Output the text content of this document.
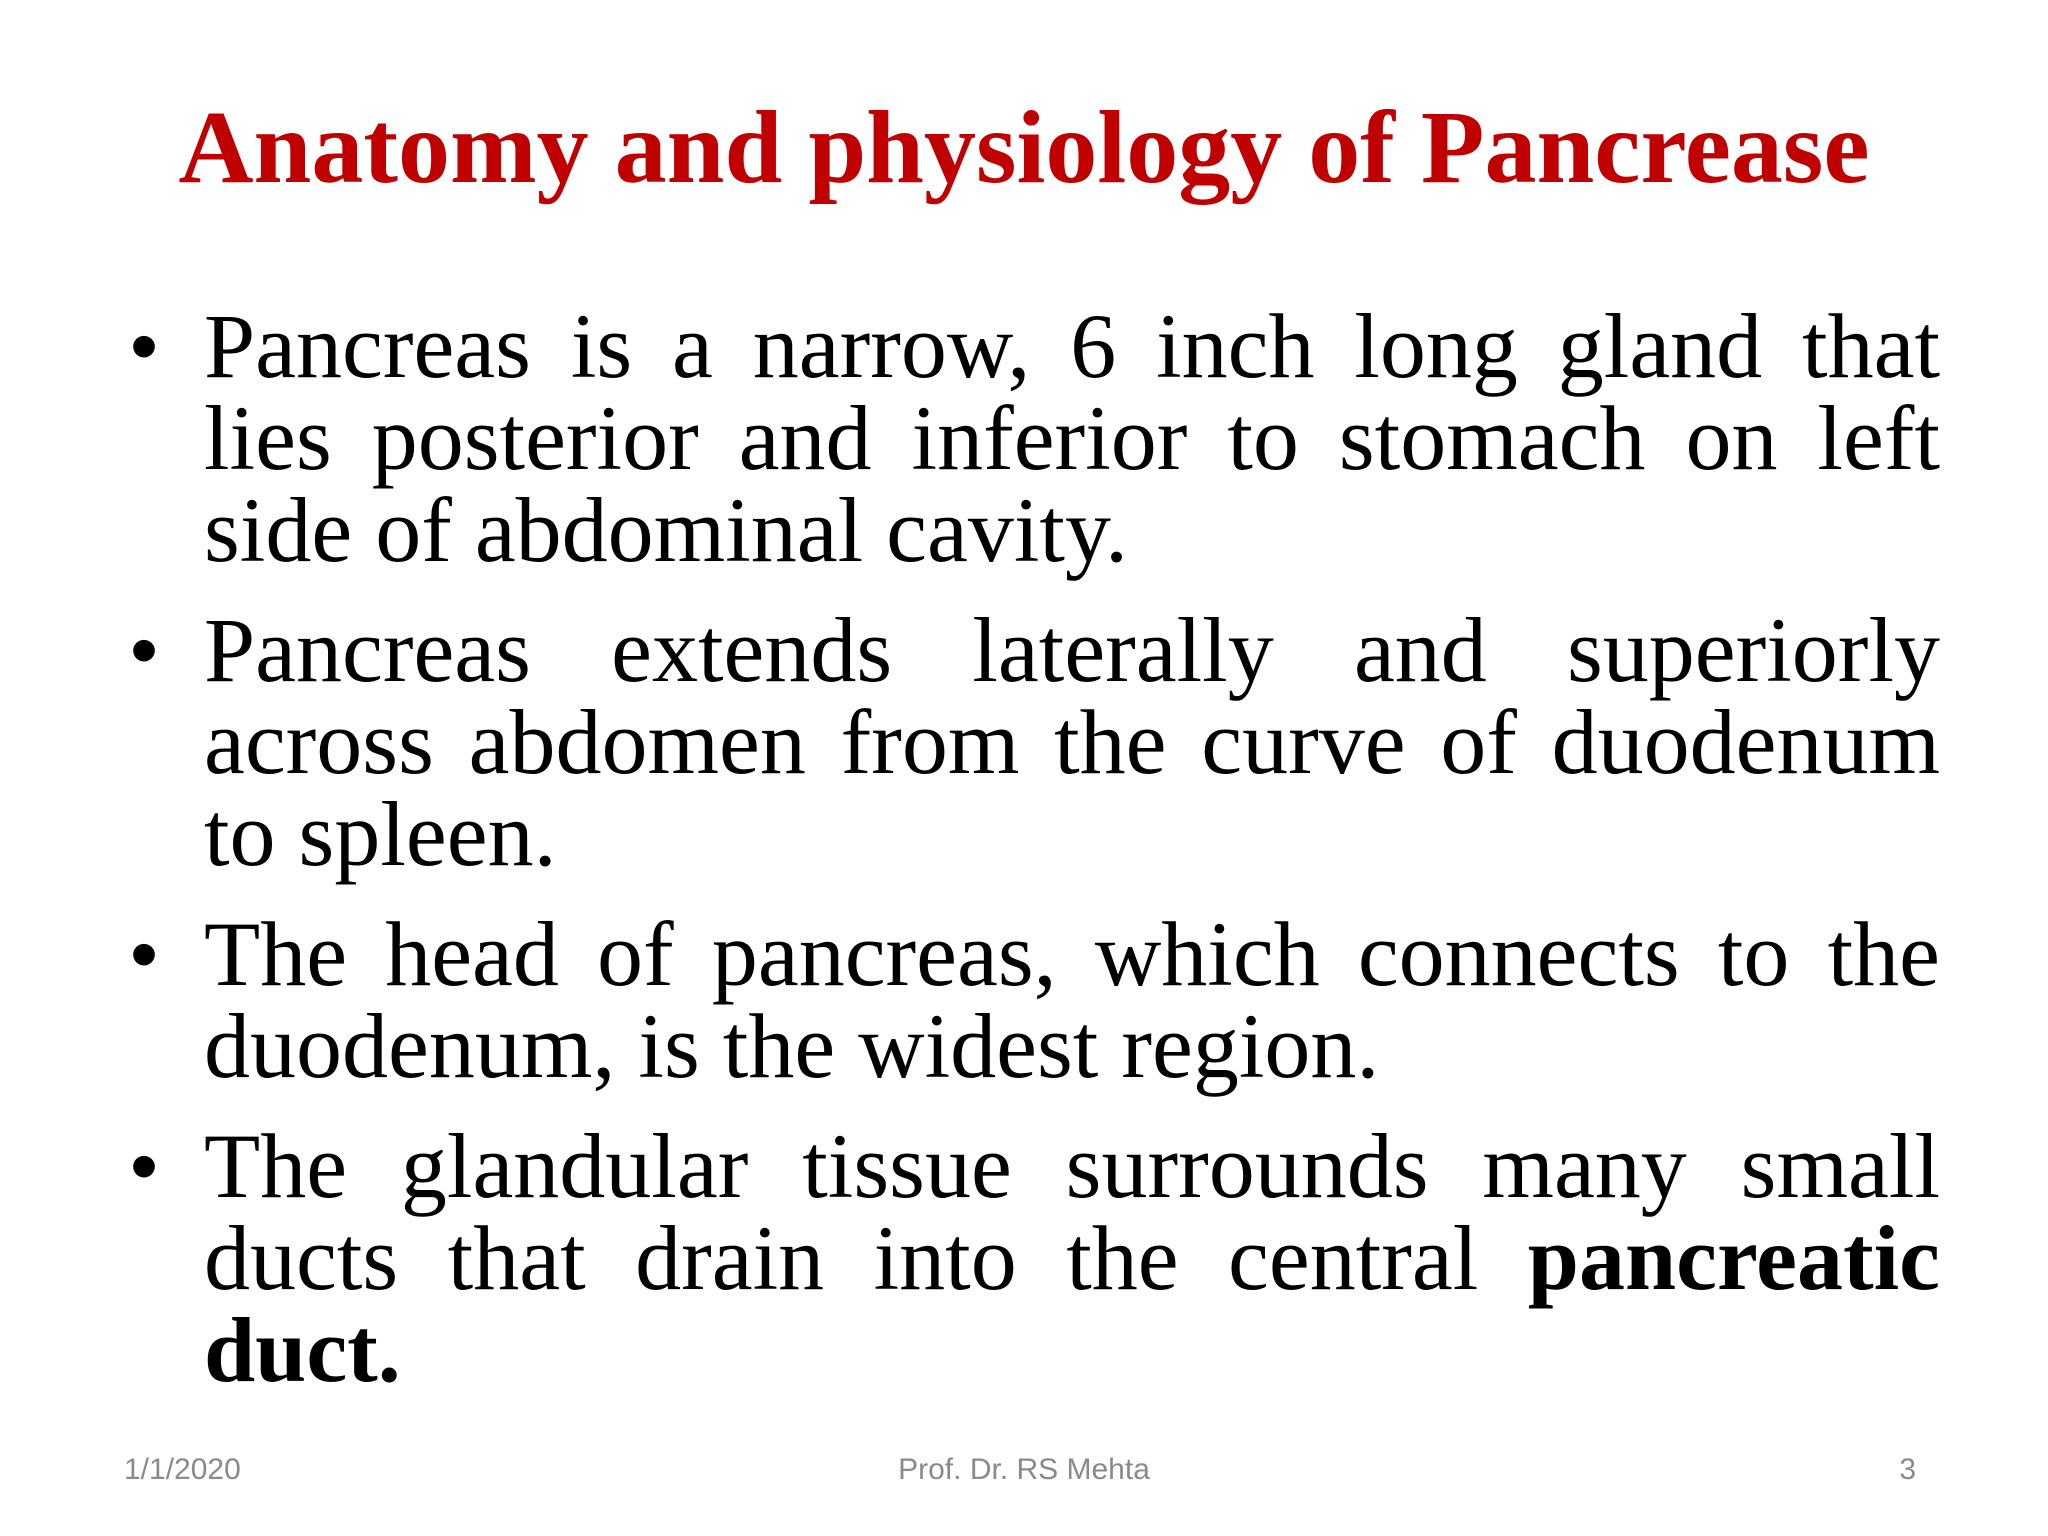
Anatomy and physiology of Pancrease
• Pancreas is a narrow, 6 inch long gland that lies posterior and inferior to stomach on left side of abdominal cavity.
• Pancreas extends laterally and superiorly across abdomen from the curve of duodenum to spleen.
• The head of pancreas, which connects to the duodenum, is the widest region.
• The glandular tissue surrounds many small ducts that drain into the central pancreatic duct.
1/1/2020	Prof. Dr. RS Mehta	3
